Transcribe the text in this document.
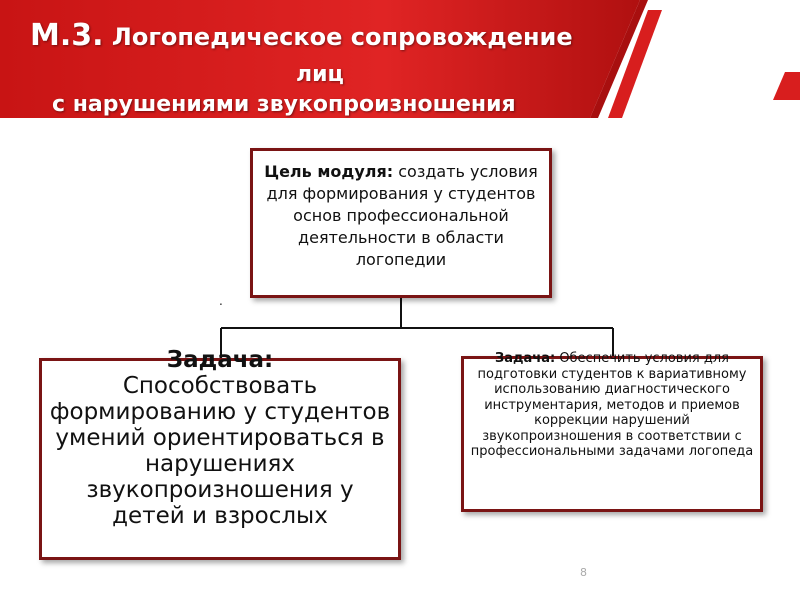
М.3. Логопедическое сопровождение
лиц
с нарушениями звукопроизношения
Цель модуля: создать условия для формирования у студентов основ профессиональной деятельности в области логопедии
.
Задача:
Способствовать формированию у студентов умений ориентироваться в нарушениях звукопроизношения у детей и взрослых
Задача: Обеспечить условия для подготовки студентов к вариативному использованию диагностического инструментария, методов и приемов коррекции нарушений звукопроизношения в соответствии с профессиональными задачами логопеда
8
